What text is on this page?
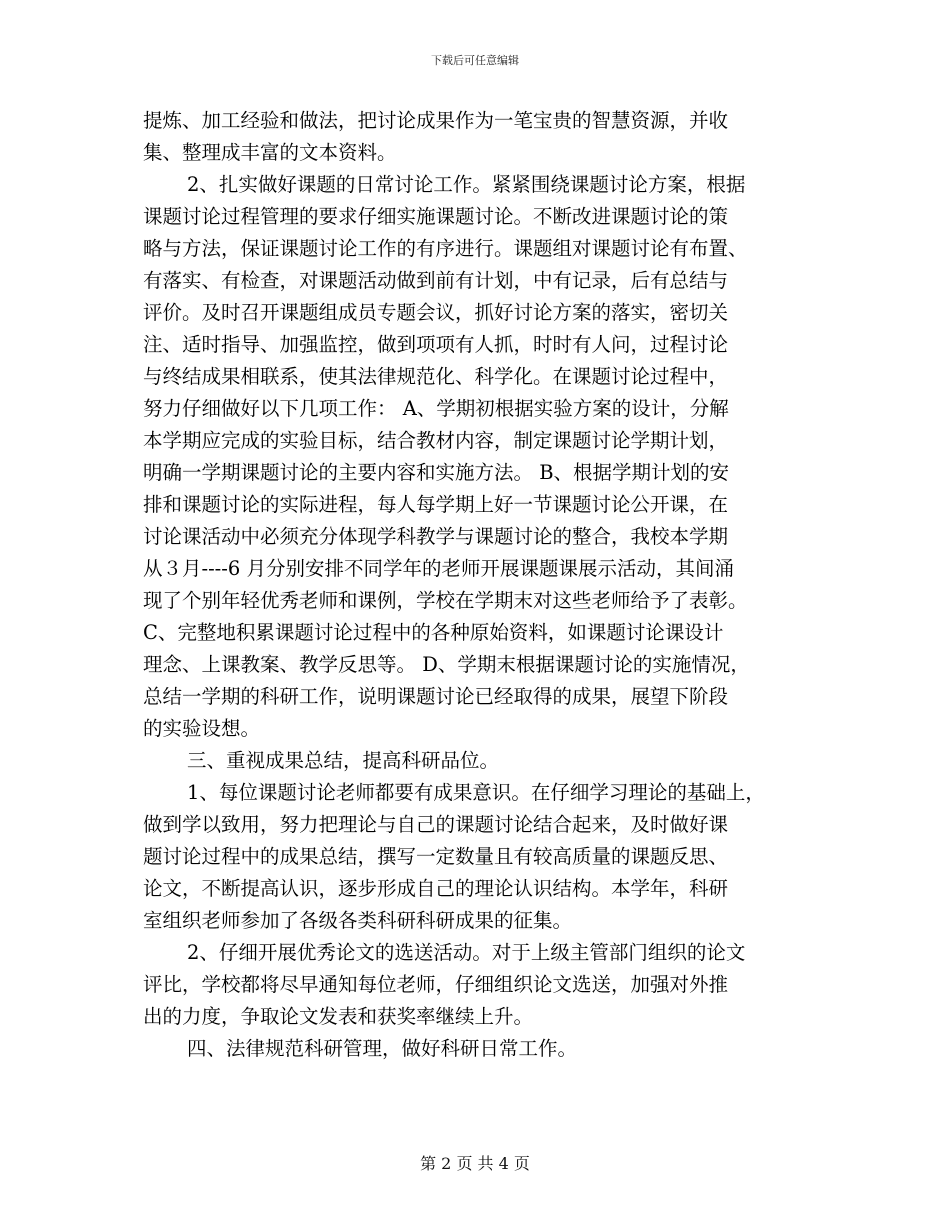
下载后可任意编辑
提炼、加工经验和做法，把讨论成果作为一笔宝贵的智慧资源，并收
集、整理成丰富的文本资料。
2、扎实做好课题的日常讨论工作。紧紧围绕课题讨论方案，根据
课题讨论过程管理的要求仔细实施课题讨论。不断改进课题讨论的策
略与方法，保证课题讨论工作的有序进行。课题组对课题讨论有布置、
有落实、有检查，对课题活动做到前有计划，中有记录，后有总结与
评价。及时召开课题组成员专题会议，抓好讨论方案的落实，密切关
注、适时指导、加强监控，做到项项有人抓，时时有人问，过程讨论
与终结成果相联系，使其法律规范化、科学化。在课题讨论过程中，
努力仔细做好以下几项工作： A、学期初根据实验方案的设计，分解
本学期应完成的实验目标，结合教材内容，制定课题讨论学期计划，
明确一学期课题讨论的主要内容和实施方法。 B、根据学期计划的安
排和课题讨论的实际进程，每人每学期上好一节课题讨论公开课，在
讨论课活动中必须充分体现学科教学与课题讨论的整合，我校本学期
从３月----6 月分别安排不同学年的老师开展课题课展示活动，其间涌
现了个别年轻优秀老师和课例，学校在学期末对这些老师给予了表彰。
C、完整地积累课题讨论过程中的各种原始资料，如课题讨论课设计
理念、上课教案、教学反思等。 D、学期末根据课题讨论的实施情况，
总结一学期的科研工作，说明课题讨论已经取得的成果，展望下阶段
的实验设想。
三、重视成果总结，提高科研品位。
1、每位课题讨论老师都要有成果意识。在仔细学习理论的基础上，
做到学以致用，努力把理论与自己的课题讨论结合起来，及时做好课
题讨论过程中的成果总结，撰写一定数量且有较高质量的课题反思、
论文，不断提高认识，逐步形成自己的理论认识结构。本学年，科研
室组织老师参加了各级各类科研科研成果的征集。
2、仔细开展优秀论文的选送活动。对于上级主管部门组织的论文
评比，学校都将尽早通知每位老师，仔细组织论文选送，加强对外推
出的力度，争取论文发表和获奖率继续上升。
四、法律规范科研管理，做好科研日常工作。
第 2 页 共 4 页
